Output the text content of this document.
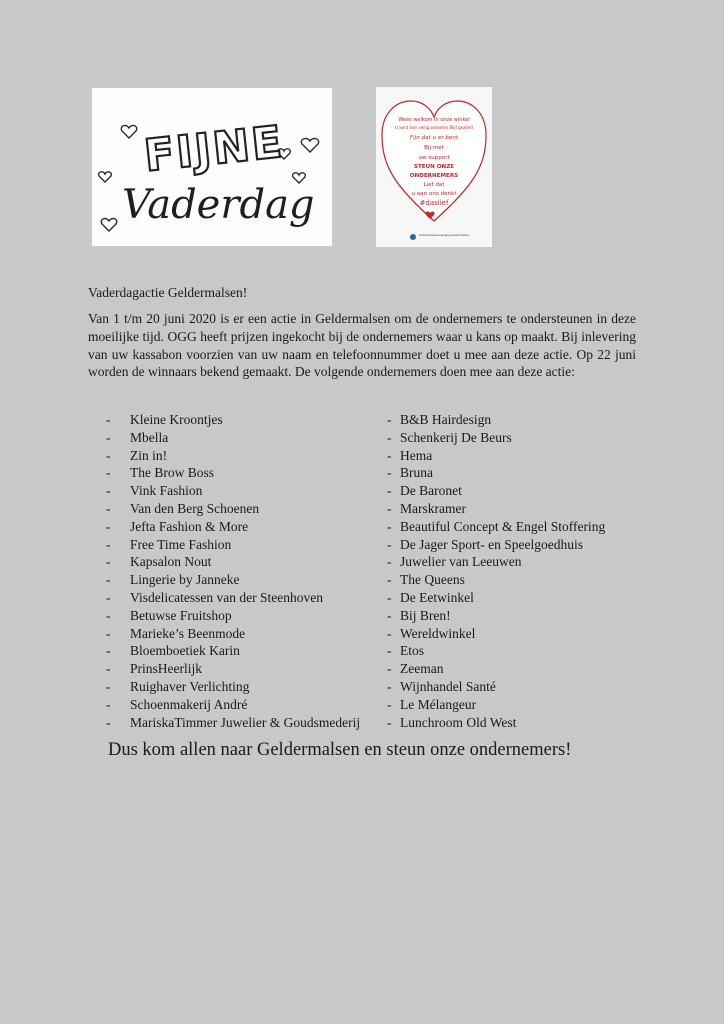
FIJNE
Vaderdag
Wees welkom in onze winkel
U kent hier veilig winkelen Blijf gezond
Fijn dat u er bent
Bij met
uw support
STEUN ONZE
ONDERNEMERS
Lief dat
u aan ons denkt
#daslief
Ondernemersvereniging Geldermalsen
Vaderdagactie Geldermalsen!

Van 1 t/m 20 juni 2020 is er een actie in Geldermalsen om de ondernemers te ondersteunen in deze moeilijke tijd. OGG heeft prijzen ingekocht bij de ondernemers waar u kans op maakt. Bij inlevering van uw kassabon voorzien van uw naam en telefoonnummer doet u mee aan deze actie. Op 22 juni worden de winnaars bekend gemaakt. De volgende ondernemers doen mee aan deze actie:

-	Kleine Kroontjes
-	Mbella
-	Zin in!
-	The Brow Boss
-	Vink Fashion
-	Van den Berg Schoenen
-	Jefta Fashion & More
-	Free Time Fashion
-	Kapsalon Nout
-	Lingerie by Janneke
-	Visdelicatessen van der Steenhoven
-	Betuwse Fruitshop
-	Marieke’s Beenmode
-	Bloemboetiek Karin
-	PrinsHeerlijk
-	Ruighaver Verlichting
-	Schoenmakerij André
-	MariskaTimmer Juwelier & Goudsmederij
- B&B Hairdesign
- Schenkerij De Beurs
- Hema
- Bruna
- De Baronet
- Marskramer
- Beautiful Concept & Engel Stoffering
- De Jager Sport- en Speelgoedhuis
- Juwelier van Leeuwen
- The Queens
- De Eetwinkel
- Bij Bren!
- Wereldwinkel
- Etos
- Zeeman
- Wijnhandel Santé
- Le Mélangeur
- Lunchroom Old West
Dus kom allen naar Geldermalsen en steun onze ondernemers!
